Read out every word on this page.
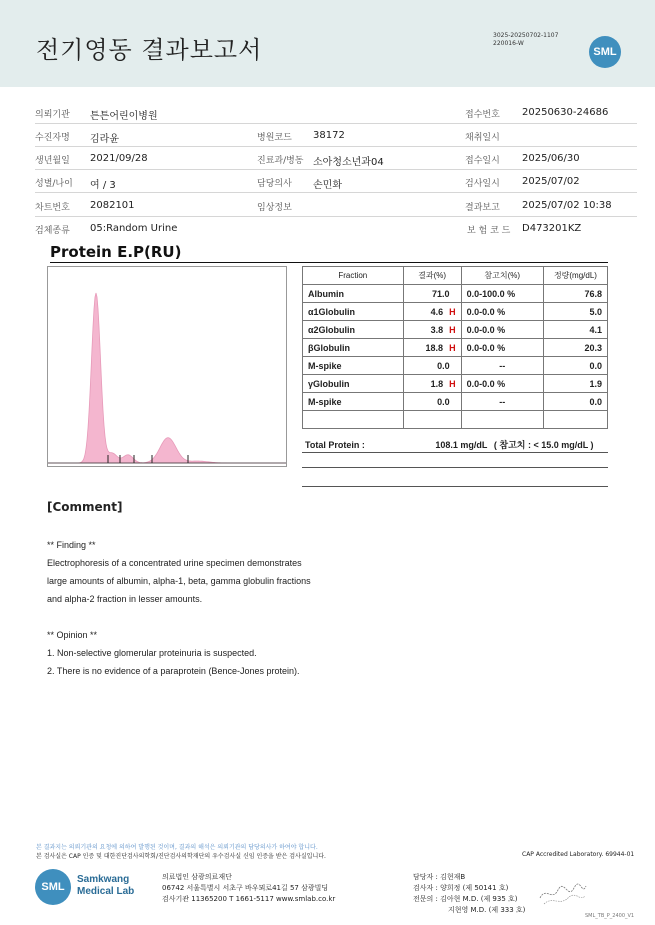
전기영동 결과보고서
3025-20250702-1107
220016-W
SML
의뢰기관 튼튼어린이병원	접수번호 20250630-24686
수진자명 김라윤	병원코드 38172	채취일시
생년월일 2021/09/28	진료과/병동 소아청소년과04	접수일시 2025/06/30
성별/나이 여 / 3	담당의사 손민화	검사일시 2025/07/02
차트번호 2082101	임상정보	결과보고 2025/07/02 10:38
검체종류 05:Random Urine	보 험 코 드 D473201KZ
Protein E.P(RU)
Fraction	결과(%)	참고치(%)	정량(mg/dL)
Albumin	71.0	0.0-100.0 %	76.8
α1Globulin	4.6 H	0.0-0.0 %	5.0
α2Globulin	3.8 H	0.0-0.0 %	4.1
βGlobulin	18.8 H	0.0-0.0 %	20.3
M-spike	0.0	--	0.0
γGlobulin	1.8 H	0.0-0.0 %	1.9
M-spike	0.0	--	0.0

Total Protein :	108.1 mg/dL ( 참고치 : < 15.0 mg/dL )
[Comment]
** Finding **
Electrophoresis of a concentrated urine specimen demonstrates
large amounts of albumin, alpha-1, beta, gamma globulin fractions
and alpha-2 fraction in lesser amounts.
** Opinion **
1. Non-selective glomerular proteinuria is suspected.
2. There is no evidence of a paraprotein (Bence-Jones protein).
본 결과지는 의뢰기관의 요청에 의하여 발행된 것이며, 결과의 해석은 의뢰기관의 담당의사가 하여야 합니다.
본 검사실은 CAP 인증 및 대한진단검사의학회/진단검사의학재단의 우수검사실 신임 인증을 받은 검사실입니다.	CAP Accredited Laboratory. 69944-01
SML
Samkwang
Medical Lab
의료법인 삼광의료재단
06742 서울특별시 서초구 바우뫼로41길 57 삼광빌딩
검사기관 11365200 T 1661-5117 www.smlab.co.kr
담당자 : 김현재B
검사자 : 양희정 (제 50141 호)
전문의 : 김아현 M.D. (제 935 호)
지현영 M.D. (제 333 호)
SML_TB_P_2400_V1
